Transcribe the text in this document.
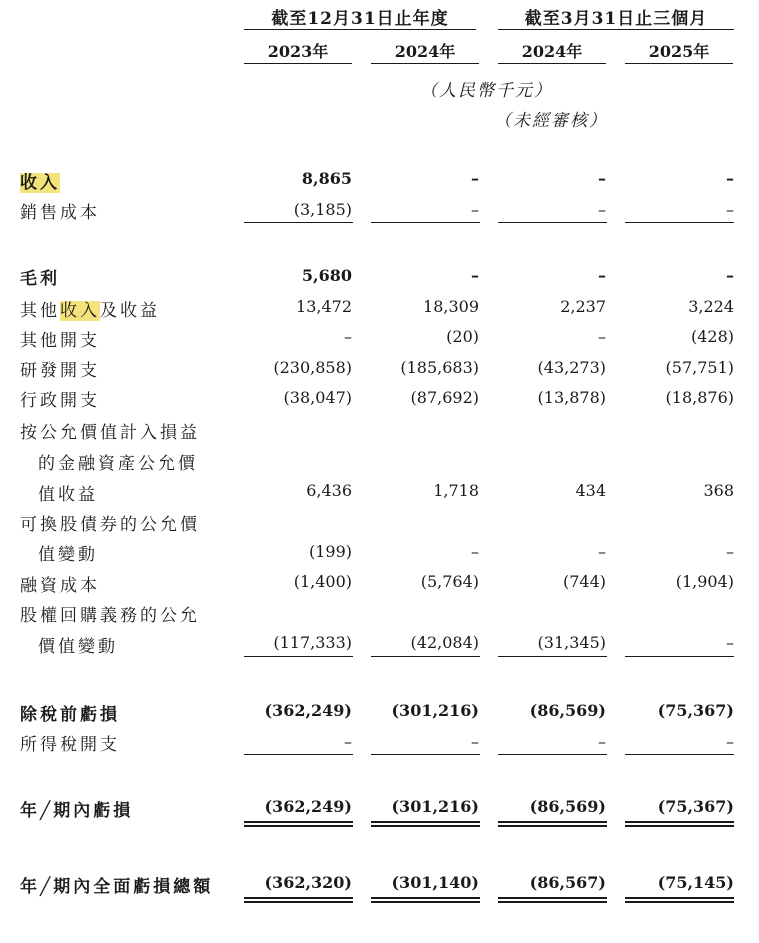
截至12月31日止年度	截至3月31日止三個月
2023年	2024年	2024年	2025年
（人民幣千元）
（未經審核）
收入	8,865	–	–	–
銷售成本	(3,185)	–	–	–
毛利	5,680	–	–	–
其他收入及收益	13,472	18,309	2,237	3,224
其他開支	–	(20)	–	(428)
研發開支	(230,858)	(185,683)	(43,273)	(57,751)
行政開支	(38,047)	(87,692)	(13,878)	(18,876)
按公允價值計入損益
的金融資產公允價
值收益	6,436	1,718	434	368
可換股債券的公允價
值變動	(199)	–	–	–
融資成本	(1,400)	(5,764)	(744)	(1,904)
股權回購義務的公允
價值變動	(117,333)	(42,084)	(31,345)	–
除稅前虧損	(362,249)	(301,216)	(86,569)	(75,367)
所得稅開支	–	–	–	–
年╱期內虧損	(362,249)	(301,216)	(86,569)	(75,367)
年╱期內全面虧損總額	(362,320)	(301,140)	(86,567)	(75,145)
